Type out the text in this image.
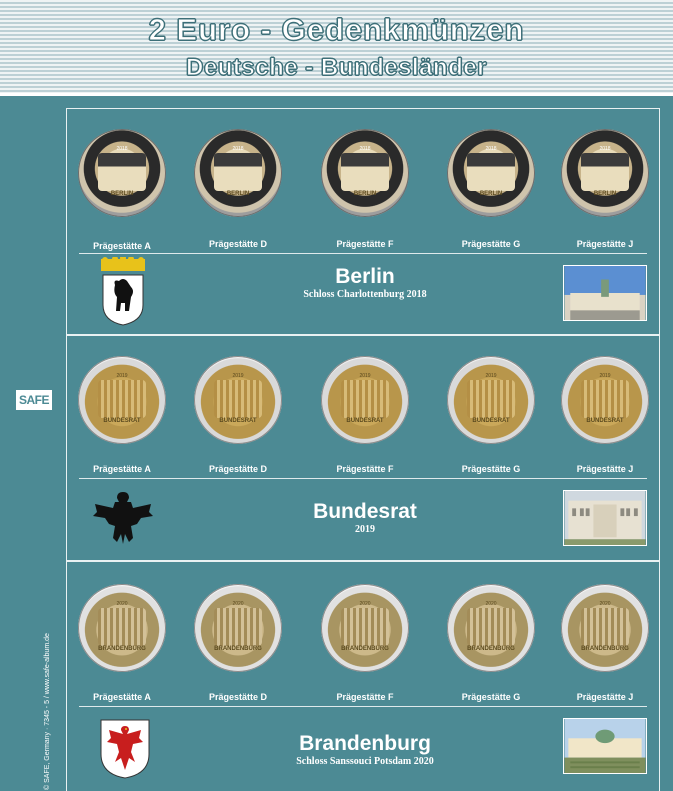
2 Euro - Gedenkmünzen
Deutsche - Bundesländer
SAFE
© SAFE, Germany · 7345 - 5 / www.safe-album.de
2018
BERLIN
2018
BERLIN
2018
BERLIN
2018
BERLIN
2018
BERLIN
Prägestätte A	Prägestätte D	Prägestätte F	Prägestätte G	Prägestätte J
Berlin
Schloss Charlottenburg 2018
2019
BUNDESRAT
2019
BUNDESRAT
2019
BUNDESRAT
2019
BUNDESRAT
2019
BUNDESRAT
Prägestätte A	Prägestätte D	Prägestätte F	Prägestätte G	Prägestätte J
Bundesrat
2019
2020
BRANDENBURG
2020
BRANDENBURG
2020
BRANDENBURG
2020
BRANDENBURG
2020
BRANDENBURG
Prägestätte A	Prägestätte D	Prägestätte F	Prägestätte G	Prägestätte J
Brandenburg
Schloss Sanssouci Potsdam 2020
